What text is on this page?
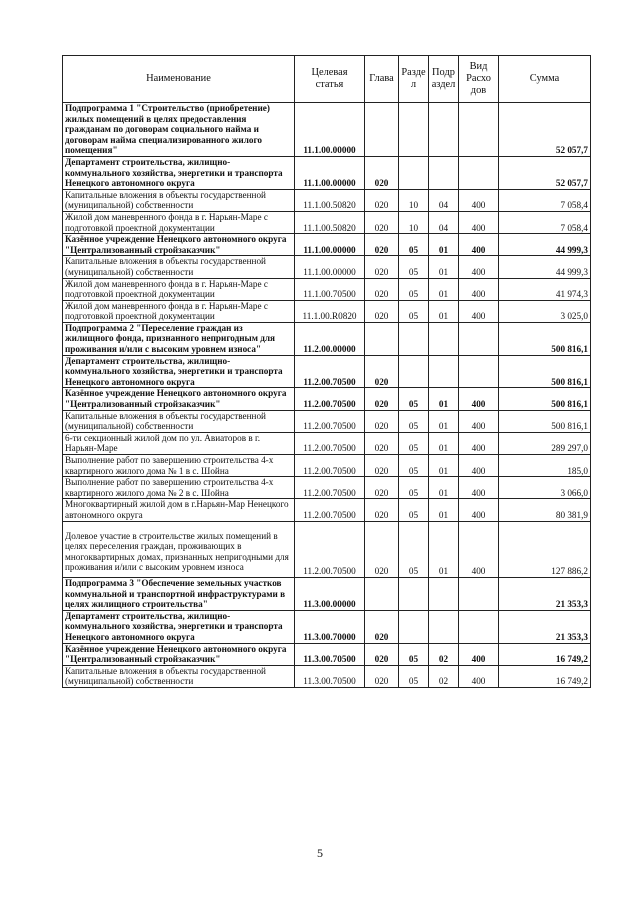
Наименование	Целевая статья	Глава	Разде л	Подр аздел	Вид Расхо дов	Сумма
Подпрограмма 1 "Строительство (приобретение) жилых помещений в целях предоставления гражданам по договорам социального найма и договорам найма специализированного жилого помещения"	11.1.00.00000					52 057,7
Департамент строительства, жилищно-коммунального хозяйства, энергетики и транспорта Ненецкого автономного округа	11.1.00.00000	020				52 057,7
Капитальные вложения в объекты государственной (муниципальной) собственности	11.1.00.50820	020	10	04	400	7 058,4
Жилой дом маневренного фонда в г. Нарьян-Маре с подготовкой проектной документации	11.1.00.50820	020	10	04	400	7 058,4
Казённое учреждение Ненецкого автономного округа "Централизованный стройзаказчик"	11.1.00.00000	020	05	01	400	44 999,3
Капитальные вложения в объекты государственной (муниципальной) собственности	11.1.00.00000	020	05	01	400	44 999,3
Жилой дом маневренного фонда в г. Нарьян-Маре с подготовкой проектной документации	11.1.00.70500	020	05	01	400	41 974,3
Жилой дом маневренного фонда в г. Нарьян-Маре с подготовкой проектной документации	11.1.00.R0820	020	05	01	400	3 025,0
Подпрограмма 2 "Переселение граждан из жилищного фонда, признанного непригодным для проживания и/или с высоким уровнем износа"	11.2.00.00000					500 816,1
Департамент строительства, жилищно-коммунального хозяйства, энергетики и транспорта Ненецкого автономного округа	11.2.00.70500	020				500 816,1
Казённое учреждение Ненецкого автономного округа "Централизованный стройзаказчик"	11.2.00.70500	020	05	01	400	500 816,1
Капитальные вложения в объекты государственной (муниципальной) собственности	11.2.00.70500	020	05	01	400	500 816,1
6-ти секционный жилой дом по ул. Авиаторов в г. Нарьян-Маре	11.2.00.70500	020	05	01	400	289 297,0
Выполнение работ по завершению строительства 4-х квартирного жилого дома № 1 в с. Шойна	11.2.00.70500	020	05	01	400	185,0
Выполнение работ по завершению строительства 4-х квартирного жилого дома № 2 в с. Шойна	11.2.00.70500	020	05	01	400	3 066,0
Многоквартирный жилой дом в г.Нарьян-Мар Ненецкого автономного округа	11.2.00.70500	020	05	01	400	80 381,9
Долевое участие в строительстве жилых помещений в целях переселения граждан, проживающих в многоквартирных домах, признанных непригодными для проживания и/или с высоким уровнем износа	11.2.00.70500	020	05	01	400	127 886,2
Подпрограмма 3 "Обеспечение земельных участков коммунальной и транспортной инфраструктурами в целях жилищного строительства"	11.3.00.00000					21 353,3
Департамент строительства, жилищно-коммунального хозяйства, энергетики и транспорта Ненецкого автономного округа	11.3.00.70000	020				21 353,3
Казённое учреждение Ненецкого автономного округа "Централизованный стройзаказчик"	11.3.00.70500	020	05	02	400	16 749,2
Капитальные вложения в объекты государственной (муниципальной) собственности	11.3.00.70500	020	05	02	400	16 749,2
5
